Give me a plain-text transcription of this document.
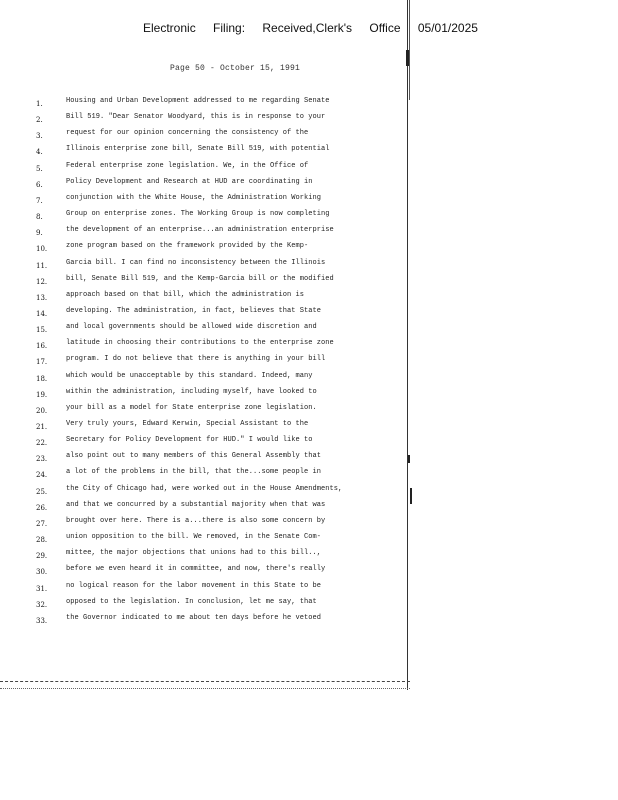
Electronic Filing: Received,Clerk's Office 05/01/2025
Page 50 - October 15, 1991
1.	Housing and Urban Development addressed to me regarding Senate
2.	Bill 519. "Dear Senator Woodyard, this is in response to your
3.	request for our opinion concerning the consistency of the
4.	Illinois enterprise zone bill, Senate Bill 519, with potential
5.	Federal enterprise zone legislation. We, in the Office of
6.	Policy Development and Research at HUD are coordinating in
7.	conjunction with the White House, the Administration Working
8.	Group on enterprise zones. The Working Group is now completing
9.	the development of an enterprise...an administration enterprise
10.	zone program based on the framework provided by the Kemp-
11.	Garcia bill. I can find no inconsistency between the Illinois
12.	bill, Senate Bill 519, and the Kemp-Garcia bill or the modified
13.	approach based on that bill, which the administration is
14.	developing. The administration, in fact, believes that State
15.	and local governments should be allowed wide discretion and
16.	latitude in choosing their contributions to the enterprise zone
17.	program. I do not believe that there is anything in your bill
18.	which would be unacceptable by this standard. Indeed, many
19.	within the administration, including myself, have looked to
20.	your bill as a model for State enterprise zone legislation.
21.	Very truly yours, Edward Kerwin, Special Assistant to the
22.	Secretary for Policy Development for HUD." I would like to
23.	also point out to many members of this General Assembly that
24.	a lot of the problems in the bill, that the...some people in
25.	the City of Chicago had, were worked out in the House Amendments,
26.	and that we concurred by a substantial majority when that was
27.	brought over here. There is a...there is also some concern by
28.	union opposition to the bill. We removed, in the Senate Com-
29.	mittee, the major objections that unions had to this bill..,
30.	before we even heard it in committee, and now, there's really
31.	no logical reason for the labor movement in this State to be
32.	opposed to the legislation. In conclusion, let me say, that
33.	the Governor indicated to me about ten days before he vetoed
